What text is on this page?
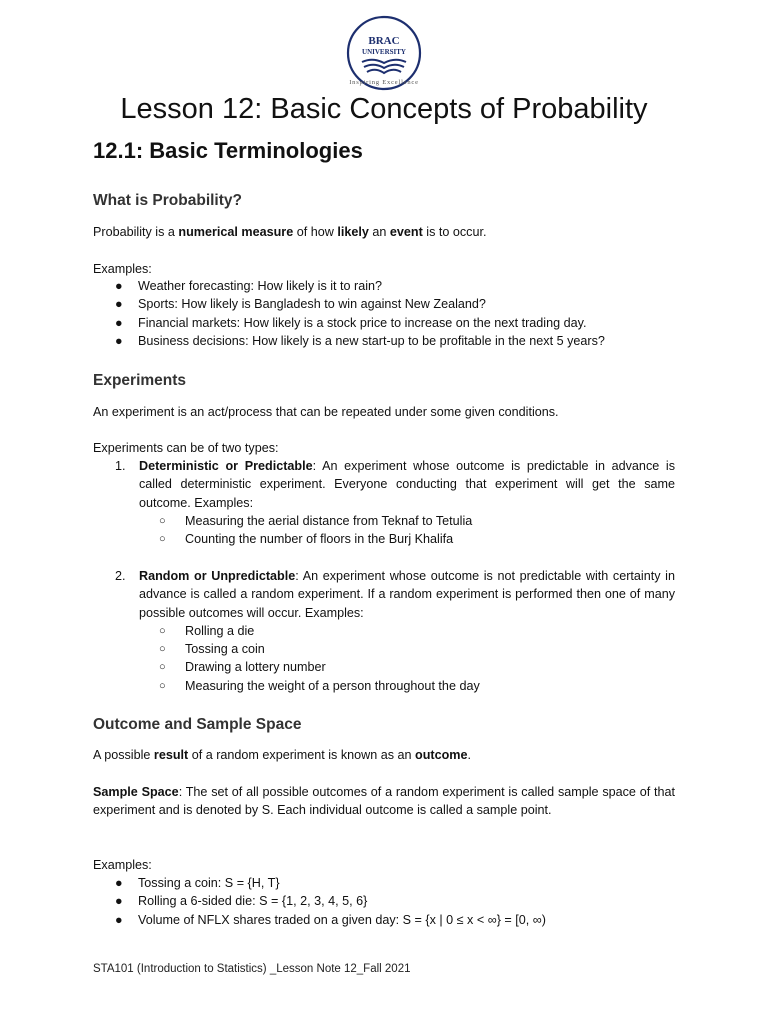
BRAC
UNIVERSITY
Inspiring Excellence
Lesson 12: Basic Concepts of Probability
12.1: Basic Terminologies
What is Probability?

Probability is a numerical measure of how likely an event is to occur.

Examples:

● Weather forecasting: How likely is it to rain?
● Sports: How likely is Bangladesh to win against New Zealand?
● Financial markets: How likely is a stock price to increase on the next trading day.
● Business decisions: How likely is a new start-up to be profitable in the next 5 years?
Experiments

An experiment is an act/process that can be repeated under some given conditions.

Experiments can be of two types:

1. Deterministic or Predictable: An experiment whose outcome is predictable in advance is called deterministic experiment. Everyone conducting that experiment will get the same outcome. Examples:
○ Measuring the aerial distance from Teknaf to Tetulia
○ Counting the number of floors in the Burj Khalifa
2. Random or Unpredictable: An experiment whose outcome is not predictable with certainty in advance is called a random experiment. If a random experiment is performed then one of many possible outcomes will occur. Examples:
○ Rolling a die
○ Tossing a coin
○ Drawing a lottery number
○ Measuring the weight of a person throughout the day
Outcome and Sample Space

A possible result of a random experiment is known as an outcome.

Sample Space: The set of all possible outcomes of a random experiment is called sample space of that experiment and is denoted by S. Each individual outcome is called a sample point.

Examples:

● Tossing a coin: S = {H, T}
● Rolling a 6-sided die: S = {1, 2, 3, 4, 5, 6}
● Volume of NFLX shares traded on a given day: S = {x | 0 ≤ x < ∞} = [0, ∞)
STA101 (Introduction to Statistics) _Lesson Note 12_Fall 2021
